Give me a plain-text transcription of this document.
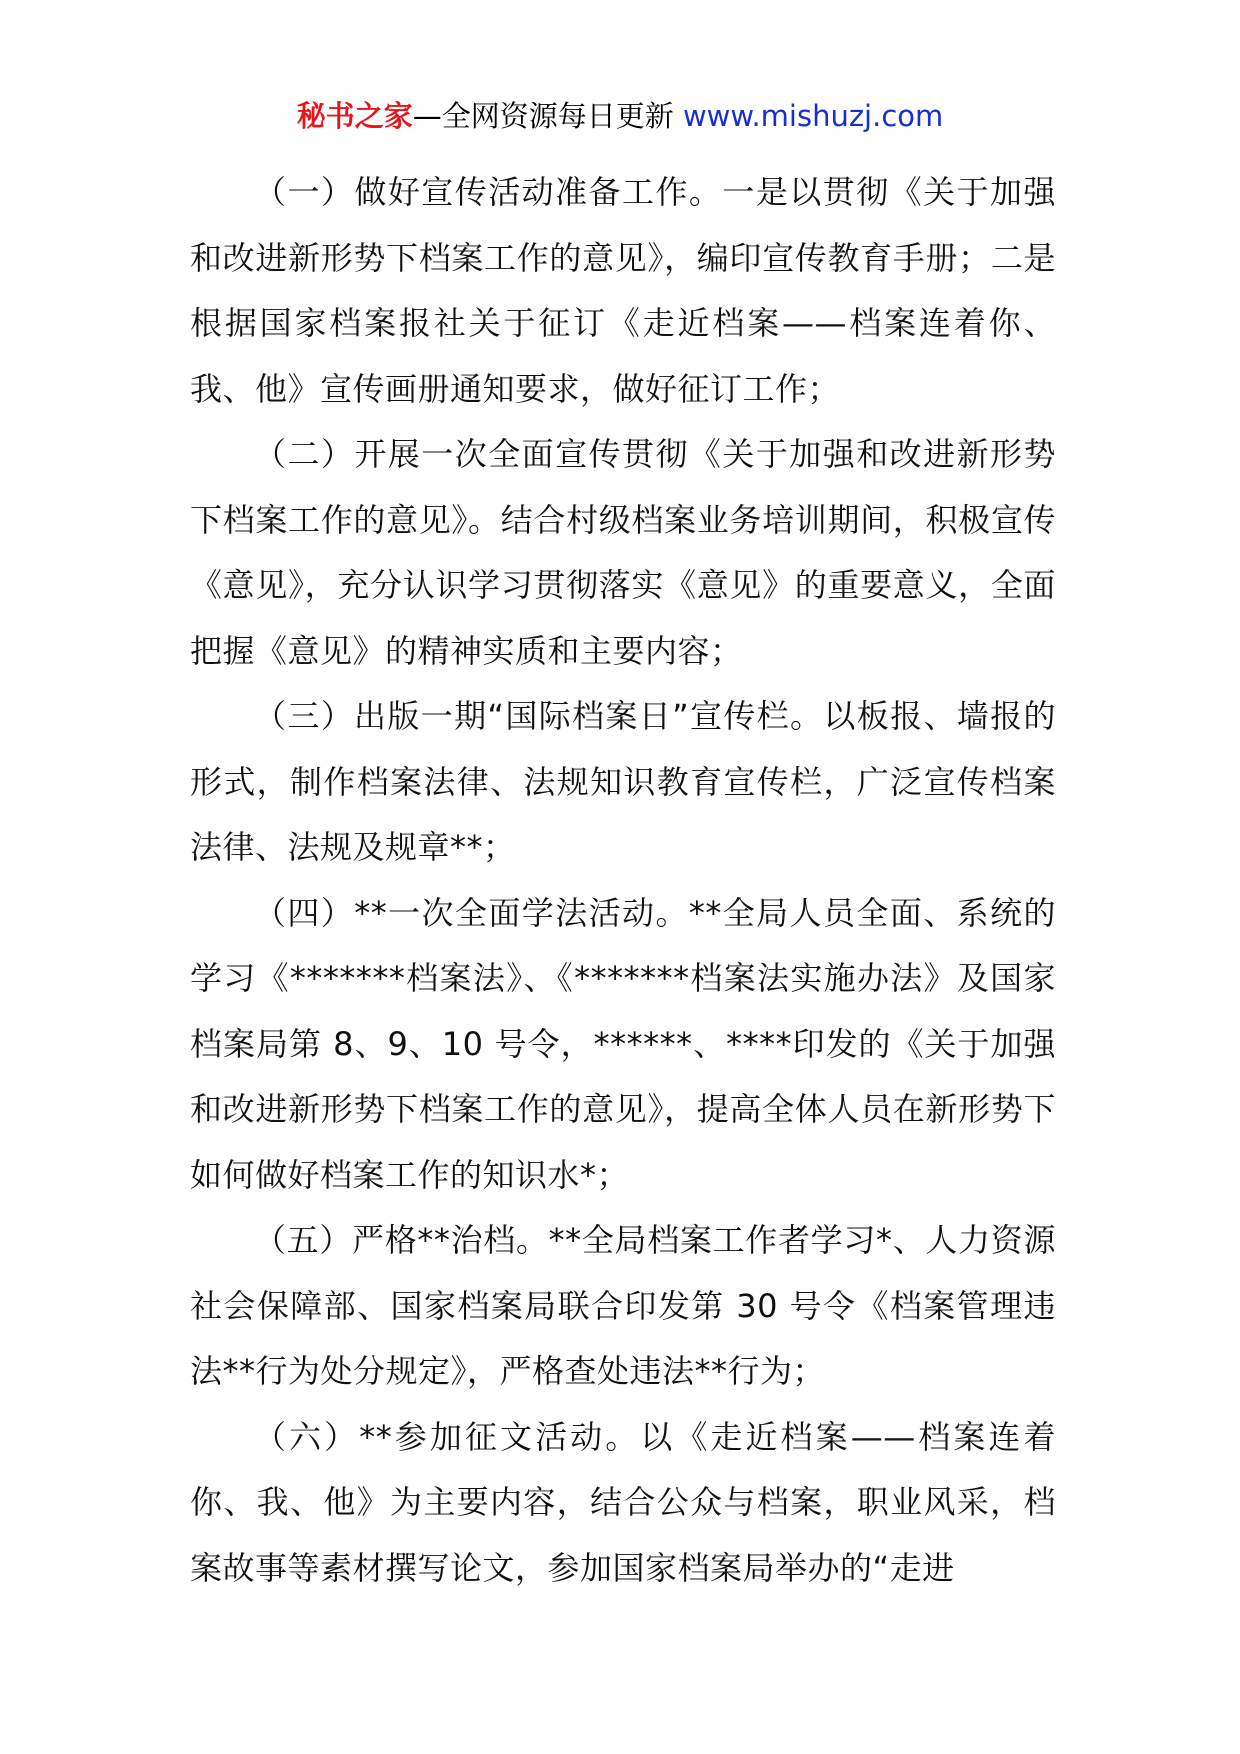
秘书之家—全网资源每日更新 www.mishuzj.com

（一）做好宣传活动准备工作。一是以贯彻《关于加强和改进新形势下档案工作的意见》，编印宣传教育手册；二是根据国家档案报社关于征订《走近档案——档案连着你、我、他》宣传画册通知要求，做好征订工作；

（二）开展一次全面宣传贯彻《关于加强和改进新形势下档案工作的意见》。结合村级档案业务培训期间，积极宣传《意见》，充分认识学习贯彻落实《意见》的重要意义，全面把握《意见》的精神实质和主要内容；

（三）出版一期“国际档案日”宣传栏。以板报、墙报的形式，制作档案法律、法规知识教育宣传栏，广泛宣传档案法律、法规及规章**；

（四）**一次全面学法活动。**全局人员全面、系统的学习《*******档案法》、《*******档案法实施办法》及国家档案局第 8、9、10 号令，******、****印发的《关于加强和改进新形势下档案工作的意见》，提高全体人员在新形势下如何做好档案工作的知识水*；

（五）严格**治档。**全局档案工作者学习*、人力资源社会保障部、国家档案局联合印发第 30 号令《档案管理违法**行为处分规定》，严格查处违法**行为；

（六）**参加征文活动。以《走近档案——档案连着你、我、他》为主要内容，结合公众与档案，职业风采，档案故事等素材撰写论文，参加国家档案局举办的“走进
